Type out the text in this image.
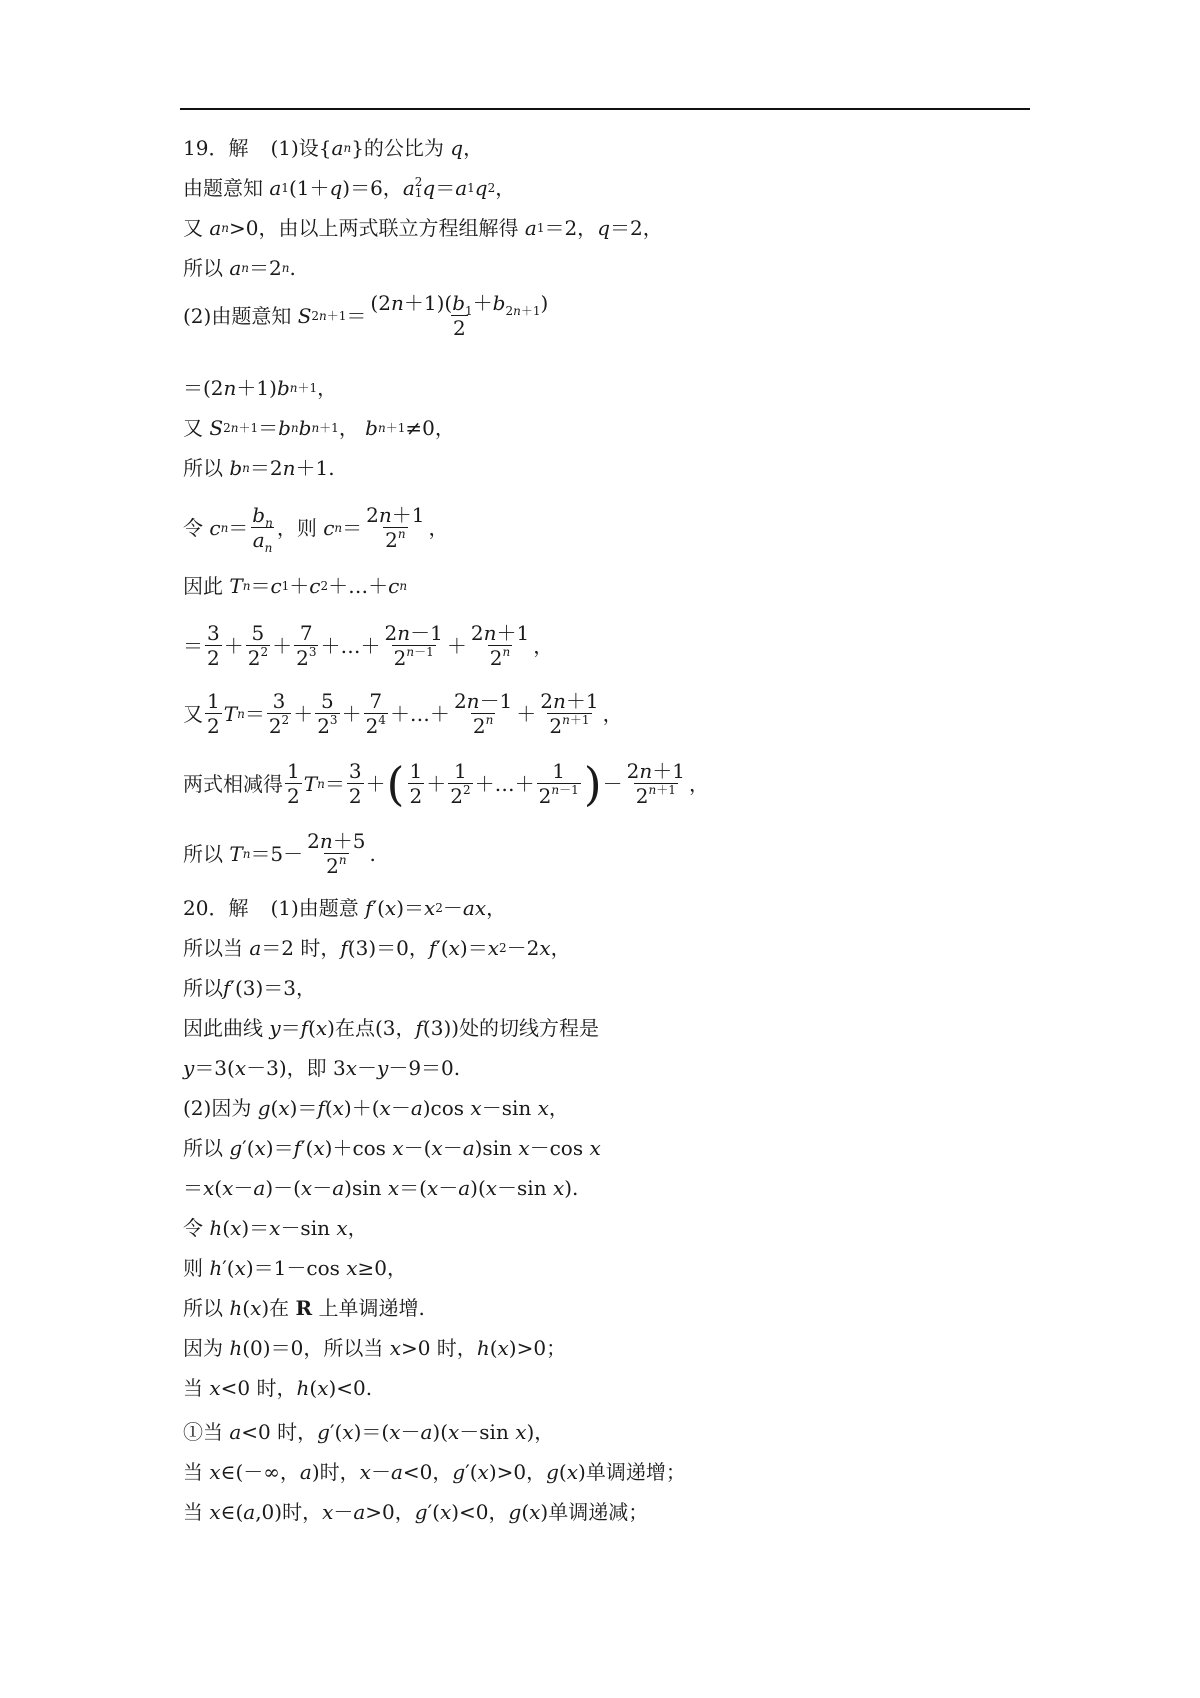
19．解 (1)设{ a n }的公比为
q ，
由题意知
a 1 (1＋ q )＝6， a 2
1 q ＝ a 1 q 2 ，
又
a n >0，由以上两式联立方程组解得
a 1 ＝2， q ＝2，
所以
a n ＝2 n .
(2)由题意知
S $2n+1 = \frac{(2n+1)(b_1+b_{2n+1})}{2}$
＝(2 n ＋1) b n＋1 ，
又
S 2n＋1 ＝ b n b n＋1 ， b n＋1 ≠0，
所以
b n ＝2 n ＋1.
令
c $n = \frac{b_n}{a_n}$ ，则
c $n = \frac{2n+1}{2^n}$ ，
因此
T n ＝ c 1 ＋ c 2 ＋…＋ c n
＝ $\frac{3}{2} + \frac{5}{2^2} + \frac{7}{2^3}$ ＋…＋ $\frac{2n-1}{2^{n-1}} + \frac{2n+1}{2^n}$ ，
又 $\frac{1}{2}$ T $n = \frac{3}{2^2} + \frac{5}{2^3} + \frac{7}{2^4}$ ＋…＋ $\frac{2n-1}{2^n} + \frac{2n+1}{2^{n+1}}$ ，
两式相减得 $\frac{1}{2}$ T $n = \frac{3}{2}$ ＋ ( $\frac{1}{2} + \frac{1}{2^2}$ ＋…＋ $\frac{1}{2^{n-1}}$ ) － $\frac{2n+1}{2^{n+1}}$ ，
所以
T $n =5- \frac{2n+5}{2^n}$ .
20．解 (1)由题意
f ′( x )＝ x 2 － ax ，
所以当
a ＝2 时， f (3)＝0， f ′( x )＝ x 2 －2 x ，
所以 f ′(3)＝3，
因此曲线
y ＝ f ( x ) 在点(3， f (3)) 处的切线方程是
y ＝3( x －3)，即 3 x － y －9＝0.
(2)因为
g ( x )＝ f ( x )＋( x － a )cos x －sin x ，
所以
g ′( x )＝ f ′( x )＋cos x －( x － a )sin x －cos x
＝ x ( x － a )－( x － a )sin x ＝( x － a )( x －sin x ).
令
h ( x )＝ x －sin x ，
则
h ′( x )＝1－cos x ≥0，
所以
h ( x ) 在
R
上单调递增.
因为
h (0) ＝0，所以当
x >0 时， h ( x )>0；
当
x <0 时， h ( x )<0.
①当
a <0 时， g ′( x )＝( x － a )( x －sin x )，
当
x ∈(－∞， a )时， x － a <0， g ′( x )>0， g ( x ) 单调递增；
当
x ∈( a ,0)时， x － a >0， g ′( x )<0， g ( x ) 单调递减；
